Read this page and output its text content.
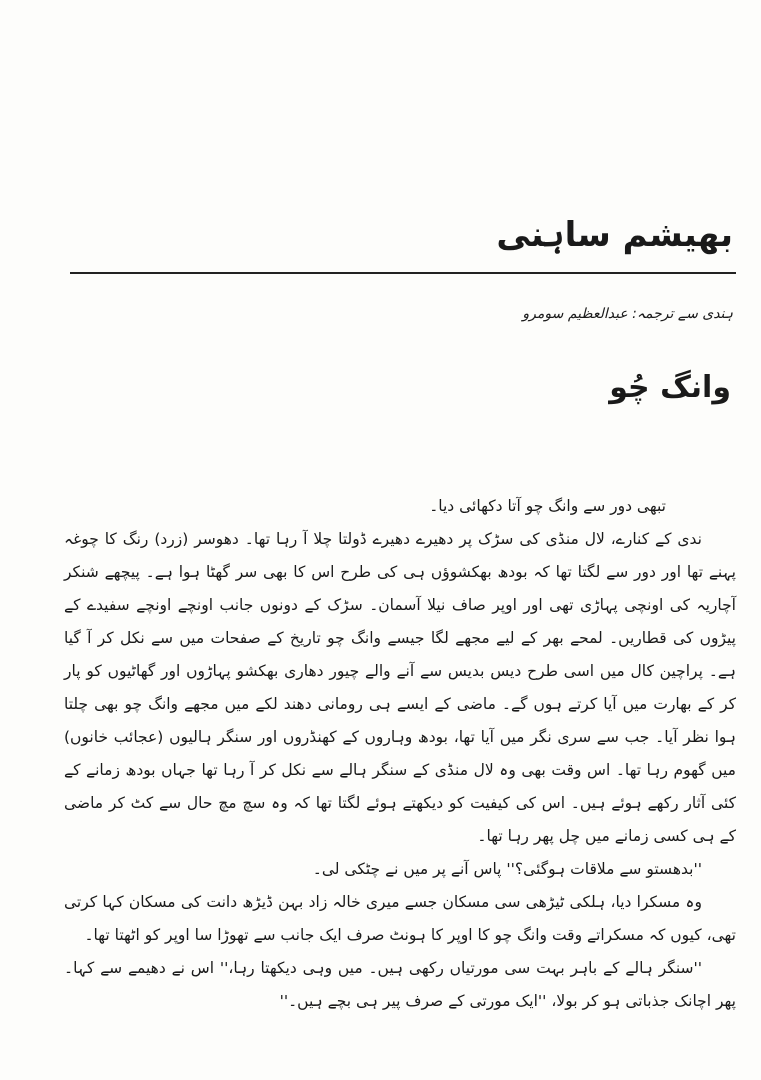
بھیشم ساہنی
ہندی سے ترجمہ: عبدالعظیم سومرو
وانگ چُو

تبھی دور سے وانگ چو آتا دکھائی دیا۔

ندی کے کنارے، لال منڈی کی سڑک پر دھیرے دھیرے ڈولتا چلا آ رہا تھا۔ دھوسر (زرد) رنگ کا چوغہ پہنے تھا اور دور سے لگتا تھا کہ بودھ بھکشوؤں ہی کی طرح اس کا بھی سر گھٹا ہوا ہے۔ پیچھے شنکر آچاریہ کی اونچی پہاڑی تھی اور اوپر صاف نیلا آسمان۔ سڑک کے دونوں جانب اونچے اونچے سفیدے کے پیڑوں کی قطاریں۔ لمحے بھر کے لیے مجھے لگا جیسے وانگ چو تاریخ کے صفحات میں سے نکل کر آ گیا ہے۔ پراچین کال میں اسی طرح دیس بدیس سے آنے والے چیور دھاری بھکشو پہاڑوں اور گھاٹیوں کو پار کر کے بھارت میں آیا کرتے ہوں گے۔ ماضی کے ایسے ہی رومانی دھند لکے میں مجھے وانگ چو بھی چلتا ہوا نظر آیا۔ جب سے سری نگر میں آیا تھا، بودھ وہاروں کے کھنڈروں اور سنگر ہالیوں (عجائب خانوں) میں گھوم رہا تھا۔ اس وقت بھی وہ لال منڈی کے سنگر ہالے سے نکل کر آ رہا تھا جہاں بودھ زمانے کے کئی آثار رکھے ہوئے ہیں۔ اس کی کیفیت کو دیکھتے ہوئے لگتا تھا کہ وہ سچ مچ حال سے کٹ کر ماضی کے ہی کسی زمانے میں چل پھر رہا تھا۔

''بدھستو سے ملاقات ہوگئی؟'' پاس آنے پر میں نے چٹکی لی۔

وہ مسکرا دیا، ہلکی ٹیڑھی سی مسکان جسے میری خالہ زاد بہن ڈیڑھ دانت کی مسکان کہا کرتی تھی، کیوں کہ مسکراتے وقت وانگ چو کا اوپر کا ہونٹ صرف ایک جانب سے تھوڑا سا اوپر کو اٹھتا تھا۔

''سنگر ہالے کے باہر بہت سی مورتیاں رکھی ہیں۔ میں وہی دیکھتا رہا،'' اس نے دھیمے سے کہا۔ پھر اچانک جذباتی ہو کر بولا، ''ایک مورتی کے صرف پیر ہی بچے ہیں۔''
